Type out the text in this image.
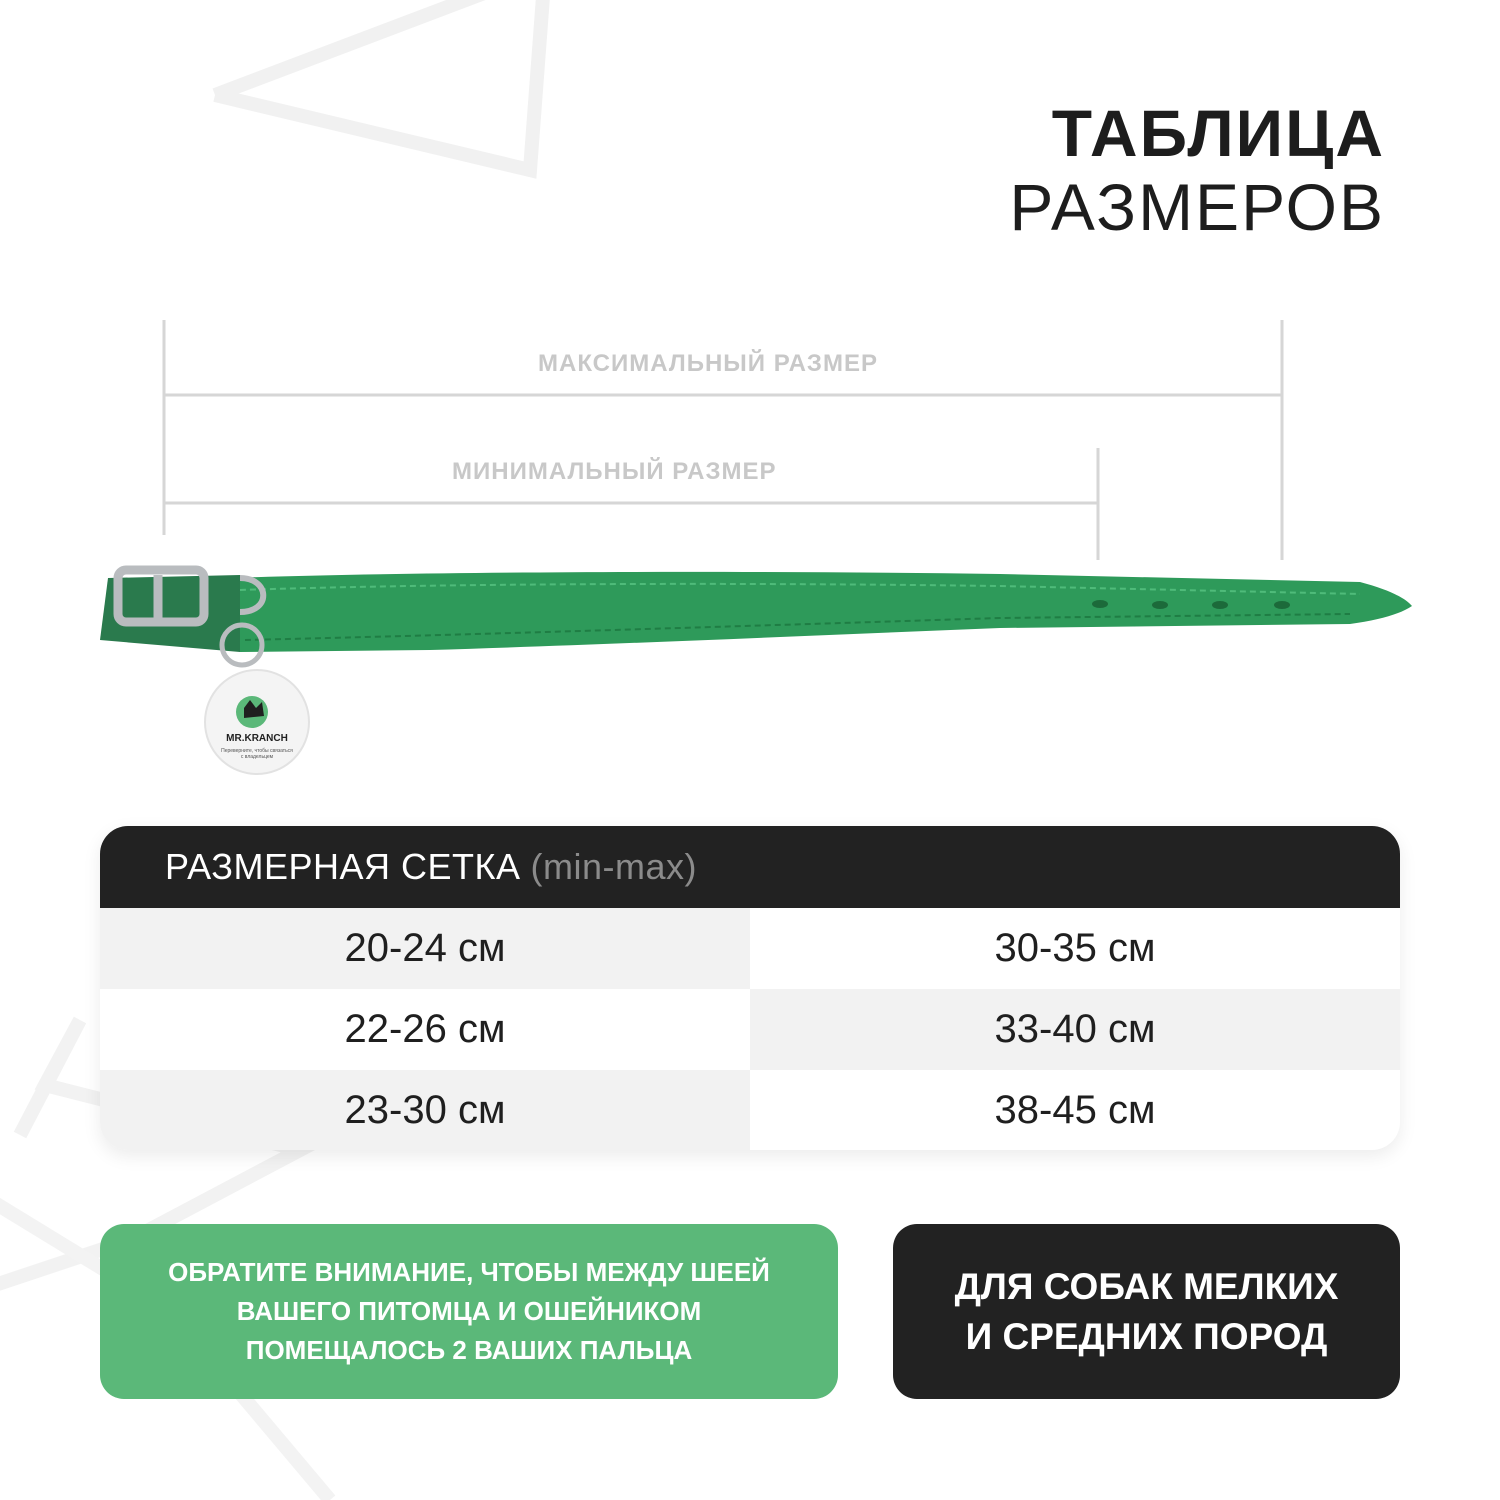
ТАБЛИЦА
РАЗМЕРОВ
МАКСИМАЛЬНЫЙ РАЗМЕР
МИНИМАЛЬНЫЙ РАЗМЕР
MR.KRANCH
Переверните, чтобы связаться с владельцем
РАЗМЕРНАЯ СЕТКА (min-max)
20-24 см	30-35 см
22-26 см	33-40 см
23-30 см	38-45 см
ОБРАТИТЕ ВНИМАНИЕ, ЧТОБЫ МЕЖДУ ШЕЕЙ
ВАШЕГО ПИТОМЦА И ОШЕЙНИКОМ
ПОМЕЩАЛОСЬ 2 ВАШИХ ПАЛЬЦА
ДЛЯ СОБАК МЕЛКИХ
И СРЕДНИХ ПОРОД
